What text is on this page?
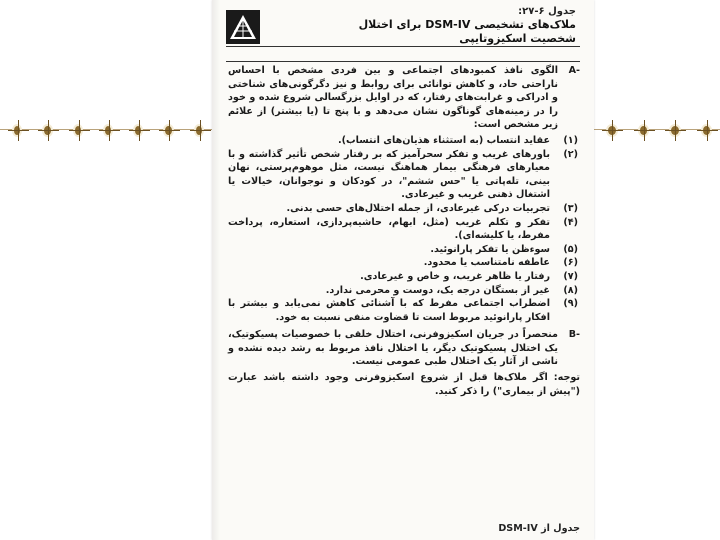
جدول ۶-۲۷:
ملاک‌های تشخیصی DSM-IV برای اختلال
شخصیت اسکیزوتایپی
A-
الگوی نافذ کمبودهای اجتماعی و بین فردی مشخص با احساس ناراحتی حاد، و کاهش توانائی برای روابط و نیز دگرگونی‌های شناختی و ادراکی و غرابت‌های رفتار، که در اوایل بزرگسالی شروع شده و خود را در زمینه‌های گوناگون نشان می‌دهد و با پنج تا (یا بیشتر) از علائم زیر مشخص است:
(۱)
عقاید انتساب (به استثناء هذیان‌های انتساب).
(۲)
باورهای غریب و تفکر سحرآمیز که بر رفتار شخص تأثیر گذاشته و با معیارهای فرهنگی بیمار هماهنگ نیست، مثل موهوم‌پرستی، نهان بینی، تله‌پاتی یا "حس ششم"، در کودکان و نوجوانان، خیالات یا اشتغال ذهنی غریب و غیرعادی.
(۳)
تجربیات درکی غیرعادی، از جمله اختلال‌های حسی بدنی.
(۴)
تفکر و تکلم غریب (مثل، ابهام، حاشیه‌پردازی، استعاره، پرداخت مفرط، یا کلیشه‌ای).
(۵)
سوءظن یا تفکر پارانوئید.
(۶)
عاطفه نامتناسب یا محدود.
(۷)
رفتار یا ظاهر غریب، و خاص و غیرعادی.
(۸)
غیر از بستگان درجه یک، دوست و محرمی ندارد.
(۹)
اضطراب اجتماعی مفرط که با آشنائی کاهش نمی‌یابد و بیشتر با افکار پارانوئید مربوط است تا قضاوت منفی نسبت به خود.
B-
منحصراً در جریان اسکیزوفرنی، اختلال خلقی با خصوصیات پسیکوتیک، یک اختلال پسیکوتیک دیگر، یا اختلال نافذ مربوط به رشد دیده نشده و ناشی از آثار یک اختلال طبی عمومی نیست.
توجه: اگر ملاک‌ها قبل از شروع اسکیزوفرنی وجود داشته باشد عبارت ("پیش از بیماری") را ذکر کنید.
جدول از DSM-IV
